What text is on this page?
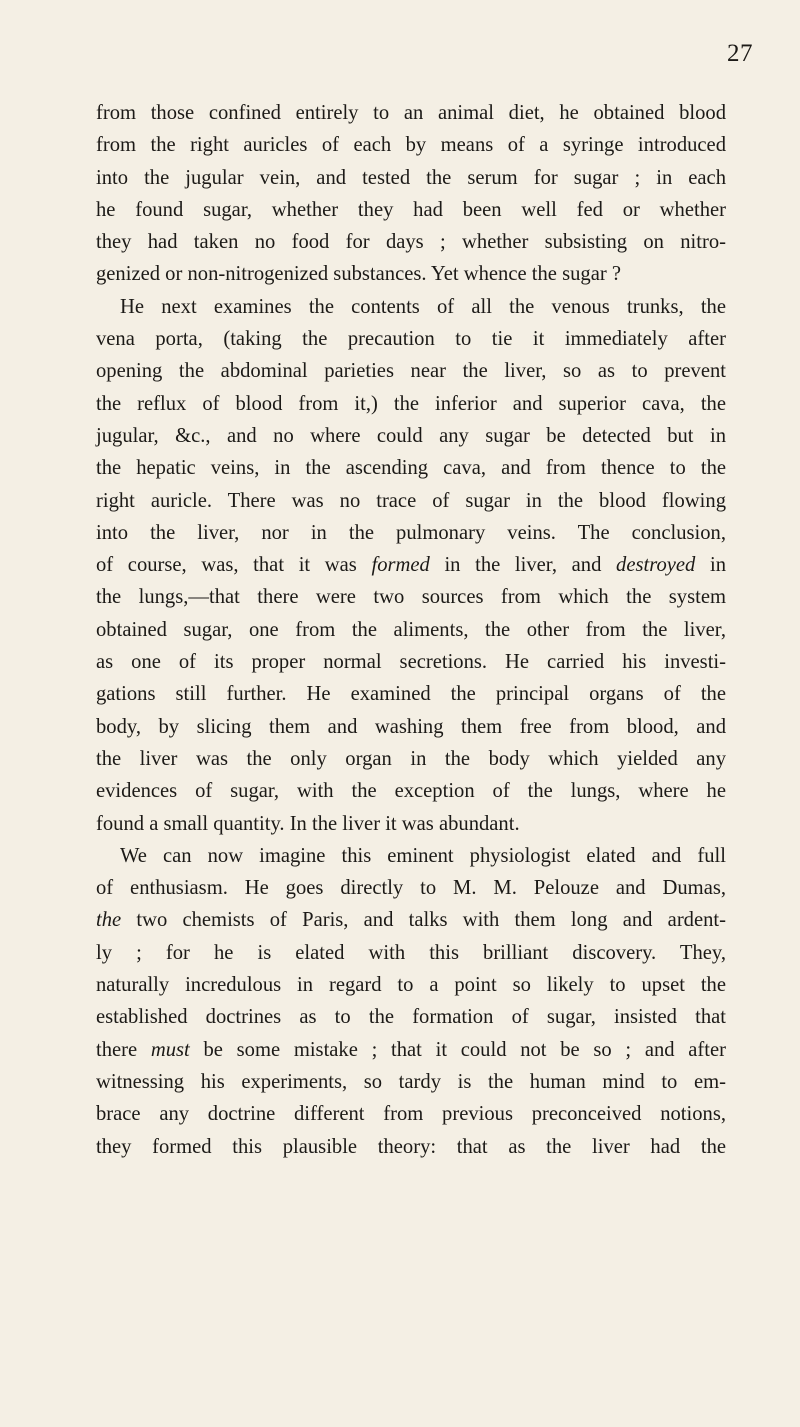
27
from those confined entirely to an animal diet, he obtained blood
from the right auricles of each by means of a syringe introduced
into the jugular vein, and tested the serum for sugar ; in each
he found sugar, whether they had been well fed or whether
they had taken no food for days ; whether subsisting on nitro-
genized or non-nitrogenized substances. Yet whence the sugar ?
He next examines the contents of all the venous trunks, the
vena porta, (taking the precaution to tie it immediately after
opening the abdominal parieties near the liver, so as to prevent
the reflux of blood from it,) the inferior and superior cava, the
jugular, &c., and no where could any sugar be detected but in
the hepatic veins, in the ascending cava, and from thence to the
right auricle. There was no trace of sugar in the blood flowing
into the liver, nor in the pulmonary veins. The conclusion,
of course, was, that it was formed in the liver, and destroyed in
the lungs,—that there were two sources from which the system
obtained sugar, one from the aliments, the other from the liver,
as one of its proper normal secretions. He carried his investi-
gations still further. He examined the principal organs of the
body, by slicing them and washing them free from blood, and
the liver was the only organ in the body which yielded any
evidences of sugar, with the exception of the lungs, where he
found a small quantity. In the liver it was abundant.
We can now imagine this eminent physiologist elated and full
of enthusiasm. He goes directly to M. M. Pelouze and Dumas,
the two chemists of Paris, and talks with them long and ardent-
ly ; for he is elated with this brilliant discovery. They,
naturally incredulous in regard to a point so likely to upset the
established doctrines as to the formation of sugar, insisted that
there must be some mistake ; that it could not be so ; and after
witnessing his experiments, so tardy is the human mind to em-
brace any doctrine different from previous preconceived notions,
they formed this plausible theory: that as the liver had the
